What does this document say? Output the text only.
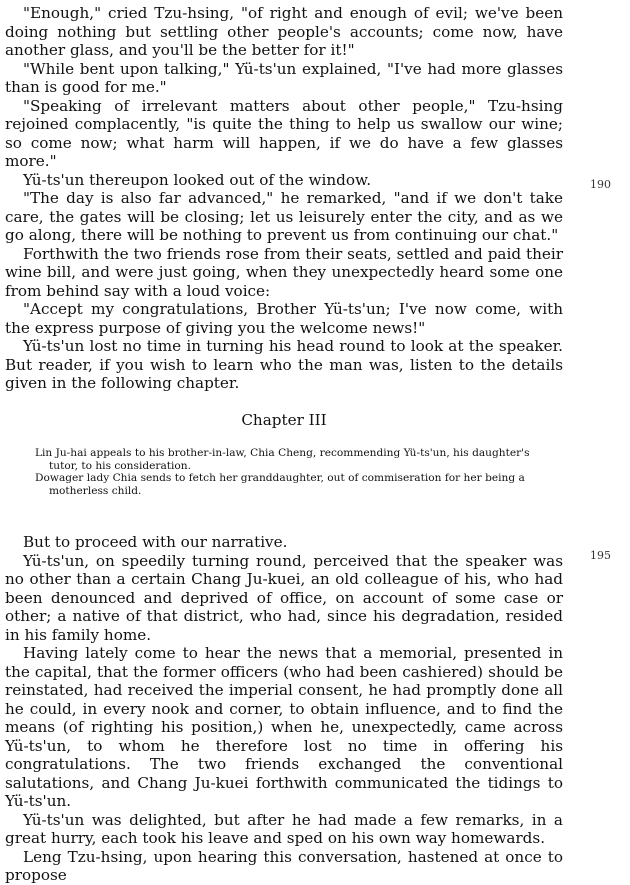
"Enough," cried Tzu-hsing, "of right and enough of evil; we've been doing nothing but settling other people's accounts; come now, have another glass, and you'll be the better for it!"

"While bent upon talking," Yü-ts'un explained, "I've had more glasses than is good for me."

"Speaking of irrelevant matters about other people," Tzu-hsing rejoined complacently, "is quite the thing to help us swallow our wine; so come now; what harm will happen, if we do have a few glasses more."

Yü-ts'un thereupon looked out of the window.

"The day is also far advanced," he remarked, "and if we don't take care, the gates will be closing; let us leisurely enter the city, and as we go along, there will be nothing to prevent us from continuing our chat."

Forthwith the two friends rose from their seats, settled and paid their wine bill, and were just going, when they unexpectedly heard some one from behind say with a loud voice:

"Accept my congratulations, Brother Yü-ts'un; I've now come, with the express purpose of giving you the welcome news!"

Yü-ts'un lost no time in turning his head round to look at the speaker. But reader, if you wish to learn who the man was, listen to the details given in the following chapter.

Chapter III

Lin Ju-hai appeals to his brother-in-law, Chia Cheng, recommending Yü-ts'un, his daughter's tutor, to his consideration.
Dowager lady Chia sends to fetch her granddaughter, out of commiseration for her being a motherless child.

But to proceed with our narrative.

Yü-ts'un, on speedily turning round, perceived that the speaker was no other than a certain Chang Ju-kuei, an old colleague of his, who had been denounced and deprived of office, on account of some case or other; a native of that district, who had, since his degradation, resided in his family home.

Having lately come to hear the news that a memorial, presented in the capital, that the former officers (who had been cashiered) should be reinstated, had received the imperial consent, he had promptly done all he could, in every nook and corner, to obtain influence, and to find the means (of righting his position,) when he, unexpectedly, came across Yü-ts'un, to whom he therefore lost no time in offering his congratulations. The two friends exchanged the conventional salutations, and Chang Ju-kuei forthwith communicated the tidings to Yü-ts'un.

Yü-ts'un was delighted, but after he had made a few remarks, in a great hurry, each took his leave and sped on his own way homewards.

Leng Tzu-hsing, upon hearing this conversation, hastened at once to propose

190
195
